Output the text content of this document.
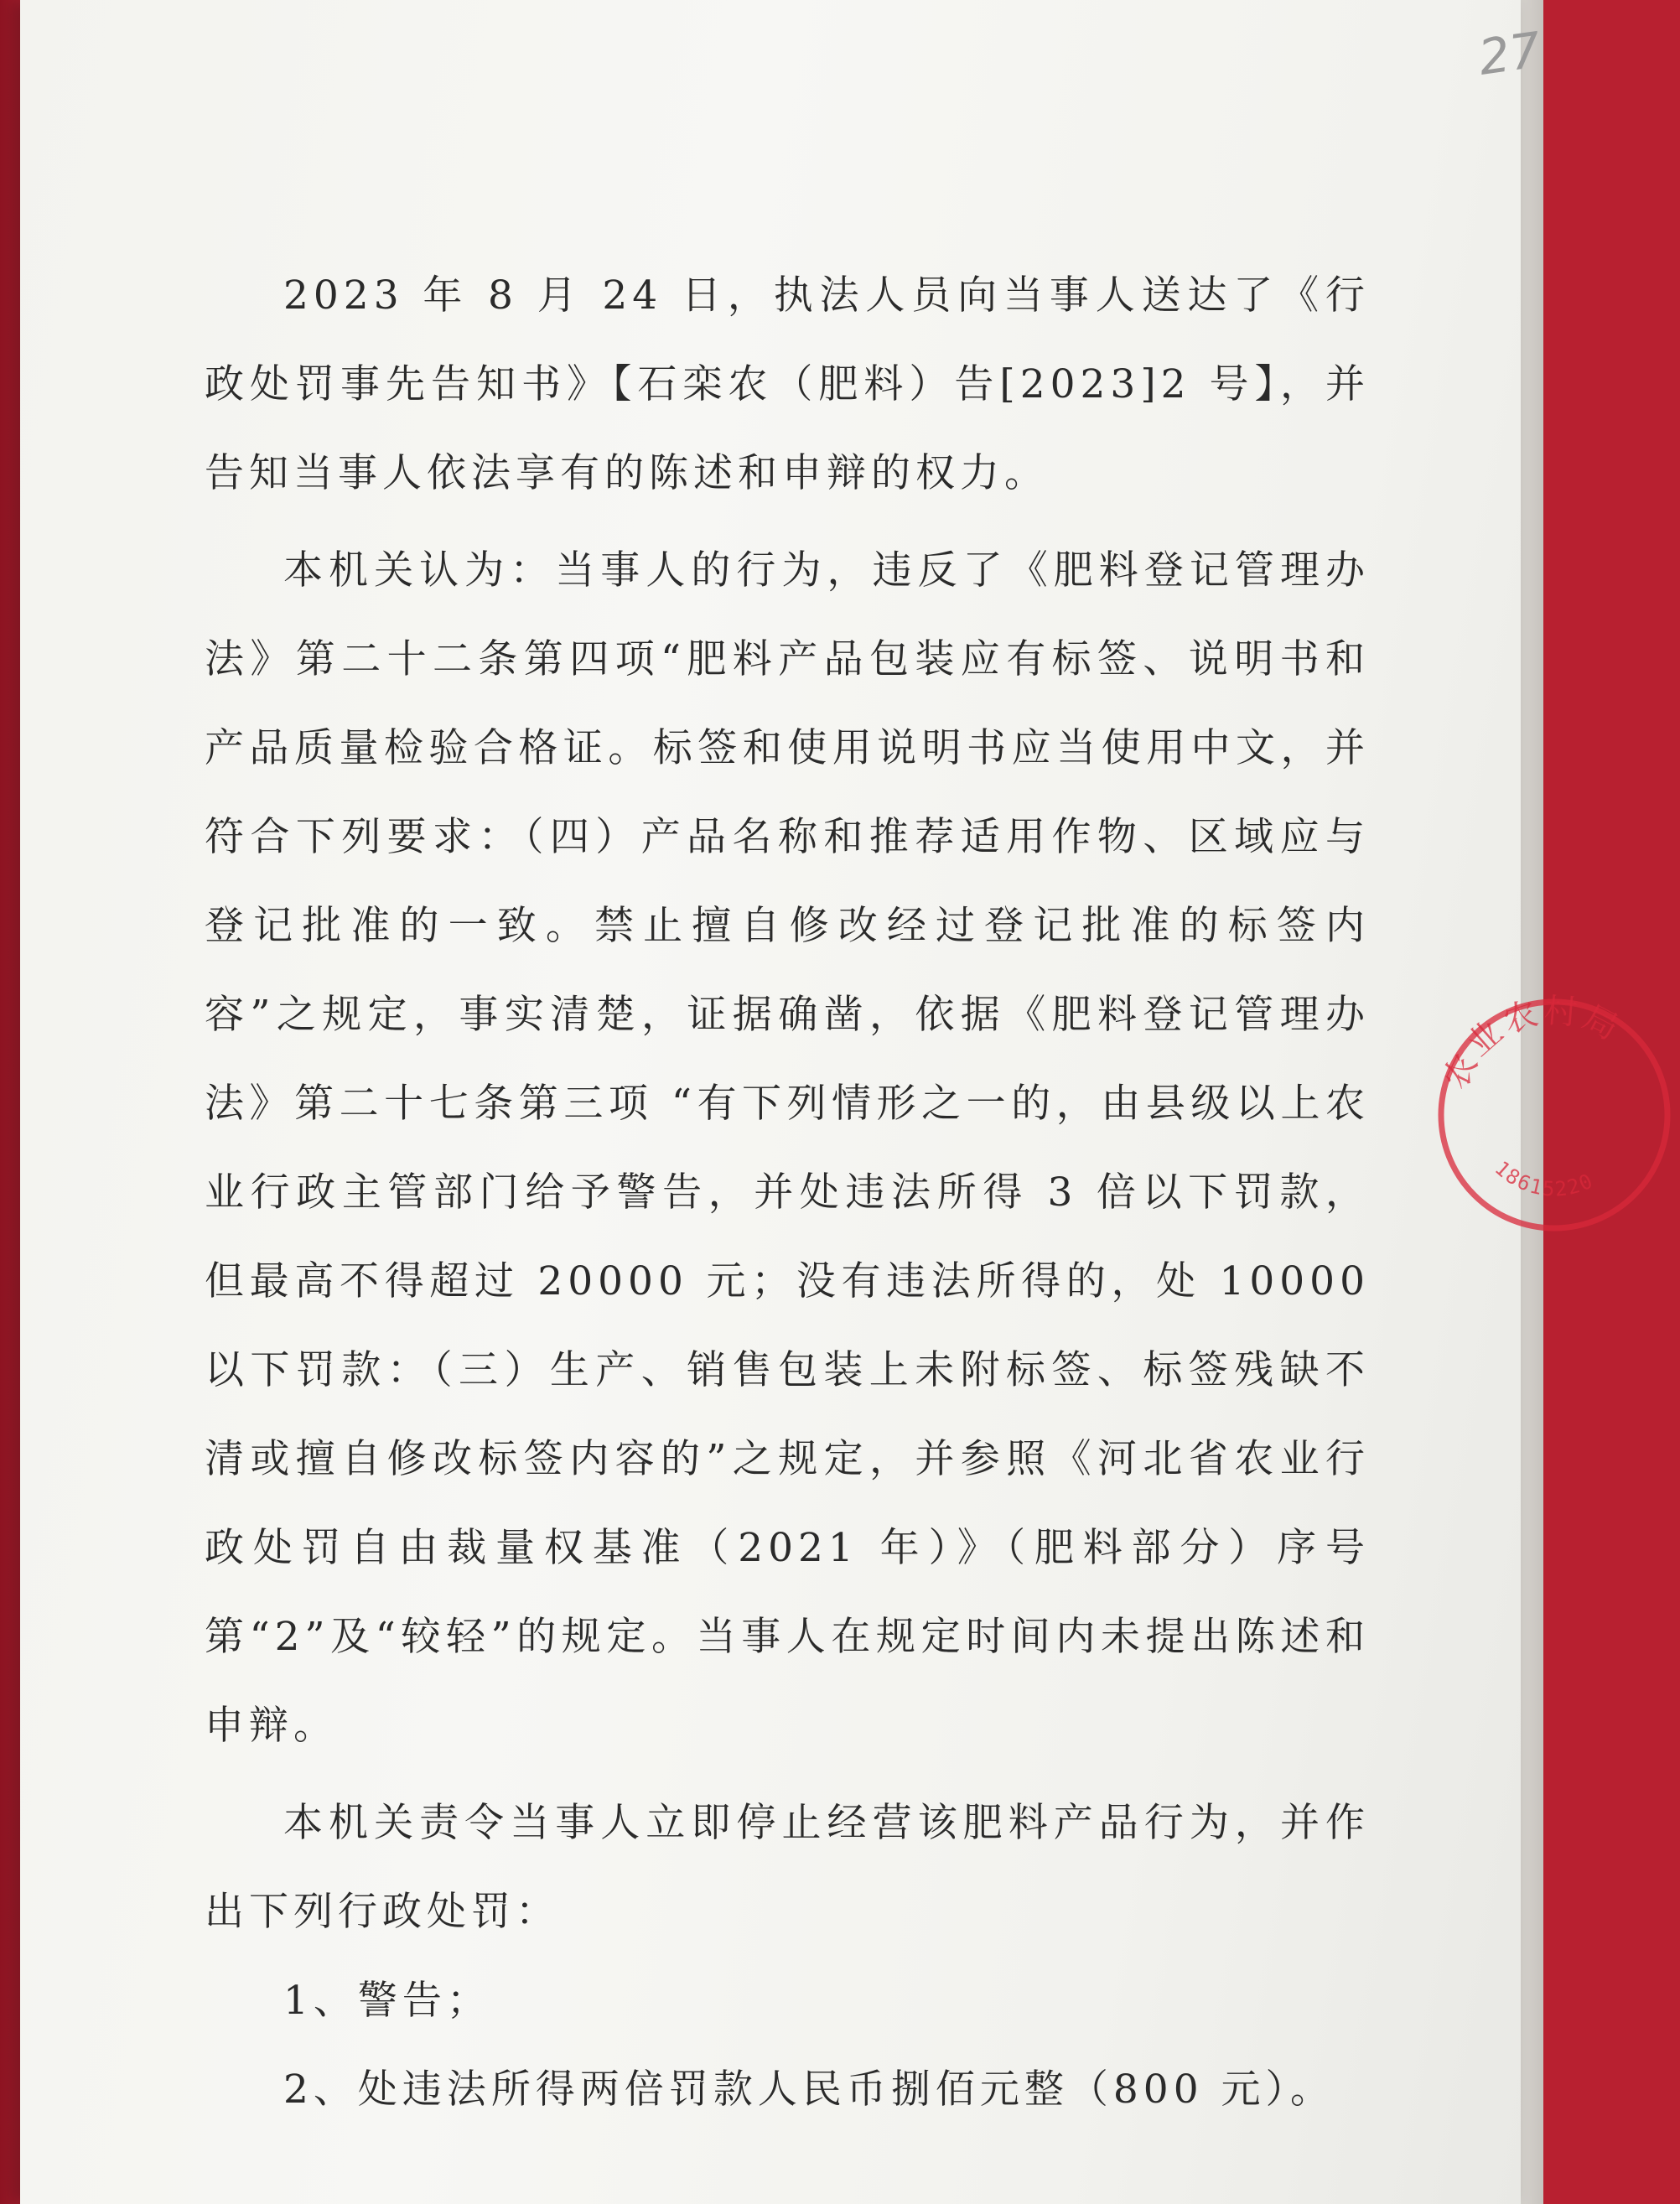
27

2023 年 8 月 24 日，执法人员向当事人送达了《行政处罚事先告知书》【石栾农（肥料）告[2023]2 号】，并告知当事人依法享有的陈述和申辩的权力。

本机关认为：当事人的行为，违反了《肥料登记管理办法》第二十二条第四项“肥料产品包装应有标签、说明书和产品质量检验合格证。标签和使用说明书应当使用中文，并符合下列要求：（四）产品名称和推荐适用作物、区域应与登记批准的一致。禁止擅自修改经过登记批准的标签内容”之规定，事实清楚，证据确凿，依据《肥料登记管理办法》第二十七条第三项 “有下列情形之一的，由县级以上农业行政主管部门给予警告，并处违法所得 3 倍以下罚款，但最高不得超过 20000 元；没有违法所得的，处 10000 以下罚款：（三）生产、销售包装上未附标签、标签残缺不清或擅自修改标签内容的”之规定，并参照《河北省农业行政处罚自由裁量权基准（2021 年）》（肥料部分）序号第“2”及“较轻”的规定。当事人在规定时间内未提出陈述和申辩。

本机关责令当事人立即停止经营该肥料产品行为，并作出下列行政处罚：

1、警告；

2、处违法所得两倍罚款人民币捌佰元整（800 元）。

农业农村局
18615220
